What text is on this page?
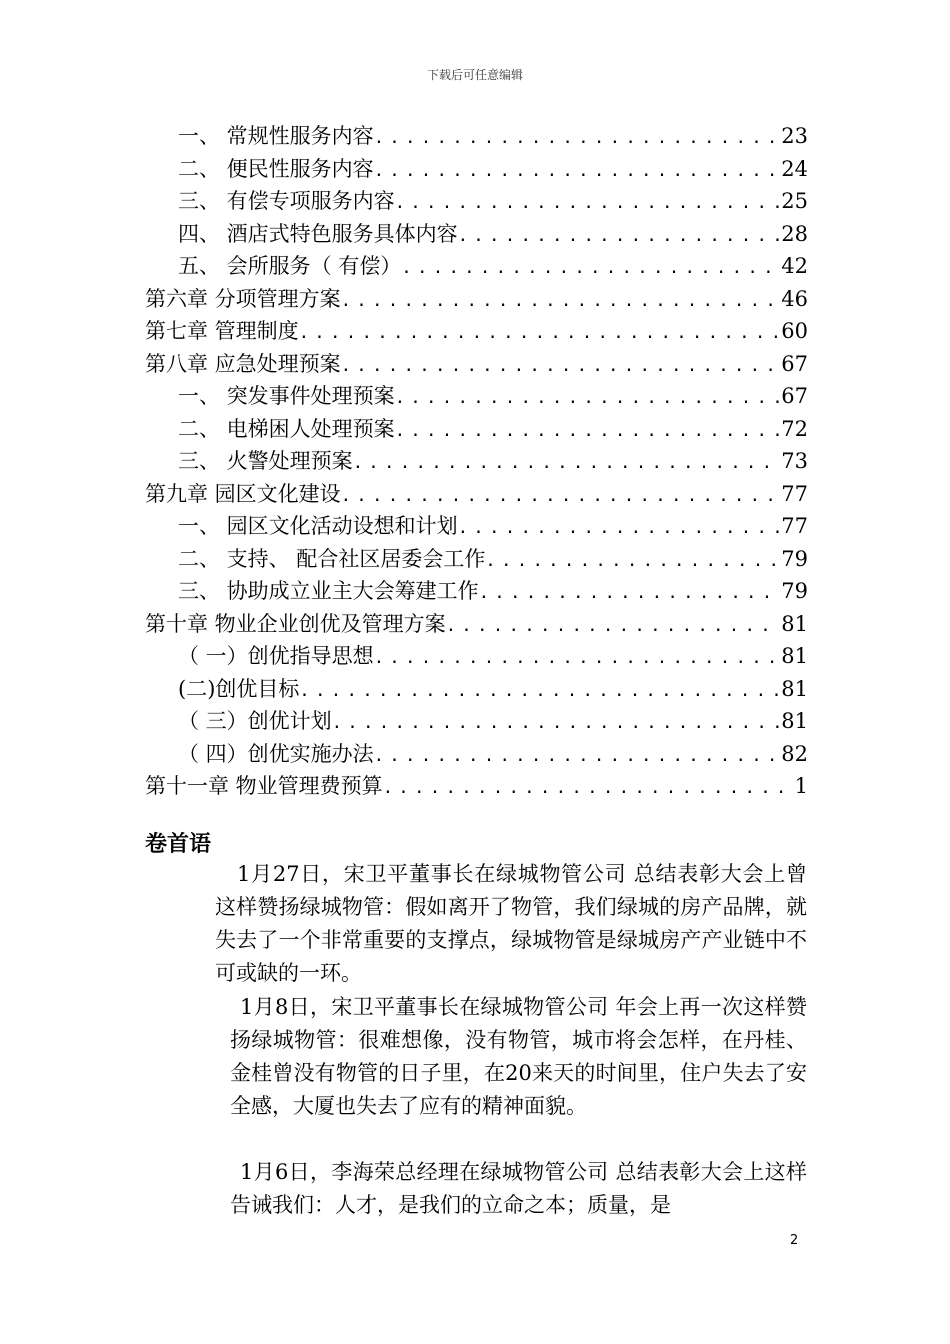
下载后可任意编辑
一、 常规性服务内容 .....	23
二、 便民性服务内容 .....	24
三、 有偿专项服务内容 .....	25
四、 酒店式特色服务具体内容 .....	28
五、 会所服务（ 有偿） .....	42
第六章 分项管理方案 .....	46
第七章 管理制度 .....	60
第八章 应急处理预案 .....	67
一、 突发事件处理预案 .....	67
二、 电梯困人处理预案 .....	72
三、 火警处理预案 .....	73
第九章 园区文化建设 .....	77
一、 园区文化活动设想和计划 .....	77
二、 支持、 配合社区居委会工作 .....	79
三、 协助成立业主大会筹建工作 .....	79
第十章 物业企业创优及管理方案 .....	81
（ 一）创优指导思想 .....	81
(二)创优目标 .....	81
（ 三）创优计划 .....	81
（ 四）创优实施办法 .....	82
第十一章 物业管理费预算 .....	1
卷首语
1月27日，宋卫平董事长在绿城物管公司 总结表彰大会上曾这样赞扬绿城物管：假如离开了物管，我们绿城的房产品牌，就失去了一个非常重要的支撑点，绿城物管是绿城房产产业链中不可或缺的一环。
1月8日，宋卫平董事长在绿城物管公司 年会上再一次这样赞扬绿城物管：很难想像，没有物管，城市将会怎样，在丹桂、 金桂曾没有物管的日子里，在20来天的时间里，住户失去了安全感，大厦也失去了应有的精神面貌。
1月6日，李海荣总经理在绿城物管公司 总结表彰大会上这样告诫我们：人才，是我们的立命之本；质量，是
2
